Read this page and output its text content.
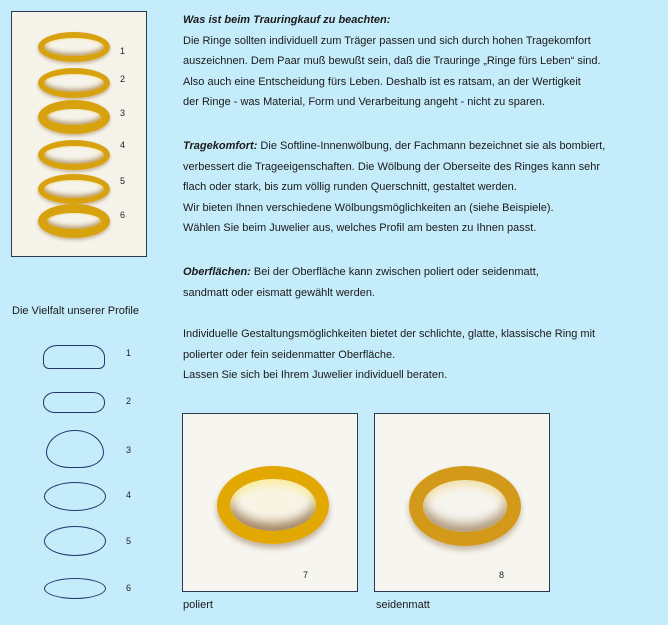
1
2
3
4
5
6
Die Vielfalt unserer Profile
1
2
3
4
5
6

Was ist beim Trauringkauf zu beachten:

Die Ringe sollten individuell zum Träger passen und sich durch hohen Tragekomfort

auszeichnen. Dem Paar muß bewußt sein, daß die Trauringe „Ringe fürs Leben“ sind.

Also auch eine Entscheidung fürs Leben. Deshalb ist es ratsam, an der Wertigkeit

der Ringe - was Material, Form und Verarbeitung angeht - nicht zu sparen.

Tragekomfort: Die Softline-Innenwölbung, der Fachmann bezeichnet sie als bombiert,

verbessert die Trageeigenschaften. Die Wölbung der Oberseite des Ringes kann sehr

flach oder stark, bis zum völlig runden Querschnitt, gestaltet werden.

Wir bieten Ihnen verschiedene Wölbungsmöglichkeiten an (siehe Beispiele).

Wählen Sie beim Juwelier aus, welches Profil am besten zu Ihnen passt.

Oberflächen: Bei der Oberfläche kann zwischen poliert oder seidenmatt,

sandmatt oder eismatt gewählt werden.

Individuelle Gestaltungsmöglichkeiten bietet der schlichte, glatte, klassische Ring mit

polierter oder fein seidenmatter Oberfläche.

Lassen Sie sich bei Ihrem Juwelier individuell beraten.

7
poliert
8
seidenmatt
